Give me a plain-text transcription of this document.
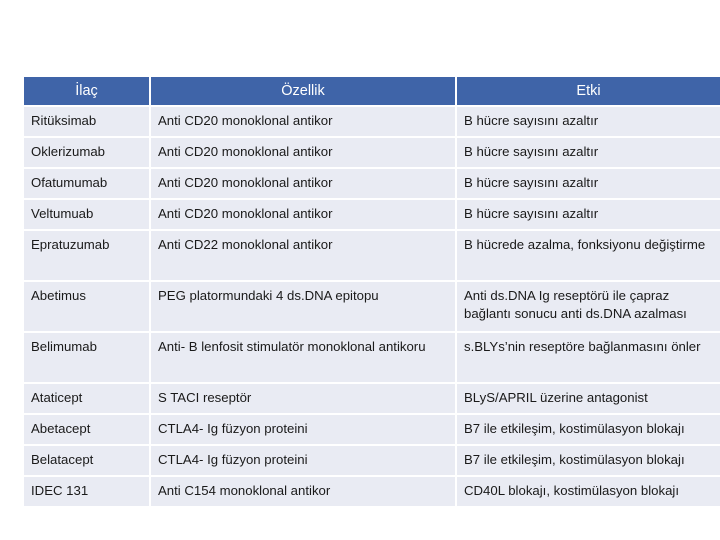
İlaç	Özellik	Etki
Ritüksimab	Anti CD20 monoklonal antikor	B hücre sayısını azaltır
Oklerizumab	Anti CD20 monoklonal antikor	B hücre sayısını azaltır
Ofatumumab	Anti CD20 monoklonal antikor	B hücre sayısını azaltır
Veltumuab	Anti CD20 monoklonal antikor	B hücre sayısını azaltır
Epratuzumab	Anti CD22 monoklonal antikor	B hücrede azalma, fonksiyonu değiştirme
Abetimus	PEG platormundaki 4 ds.DNA epitopu	Anti ds.DNA Ig reseptörü ile çapraz bağlantı sonucu anti ds.DNA azalması
Belimumab	Anti- B lenfosit stimulatör monoklonal antikoru	s.BLYs’nin reseptöre bağlanmasını önler
Ataticept	S TACI reseptör	BLyS/APRIL üzerine antagonist
Abetacept	CTLA4- Ig füzyon proteini	B7 ile etkileşim, kostimülasyon blokajı
Belatacept	CTLA4- Ig füzyon proteini	B7 ile etkileşim, kostimülasyon blokajı
IDEC 131	Anti C154 monoklonal antikor	CD40L blokajı, kostimülasyon blokajı
